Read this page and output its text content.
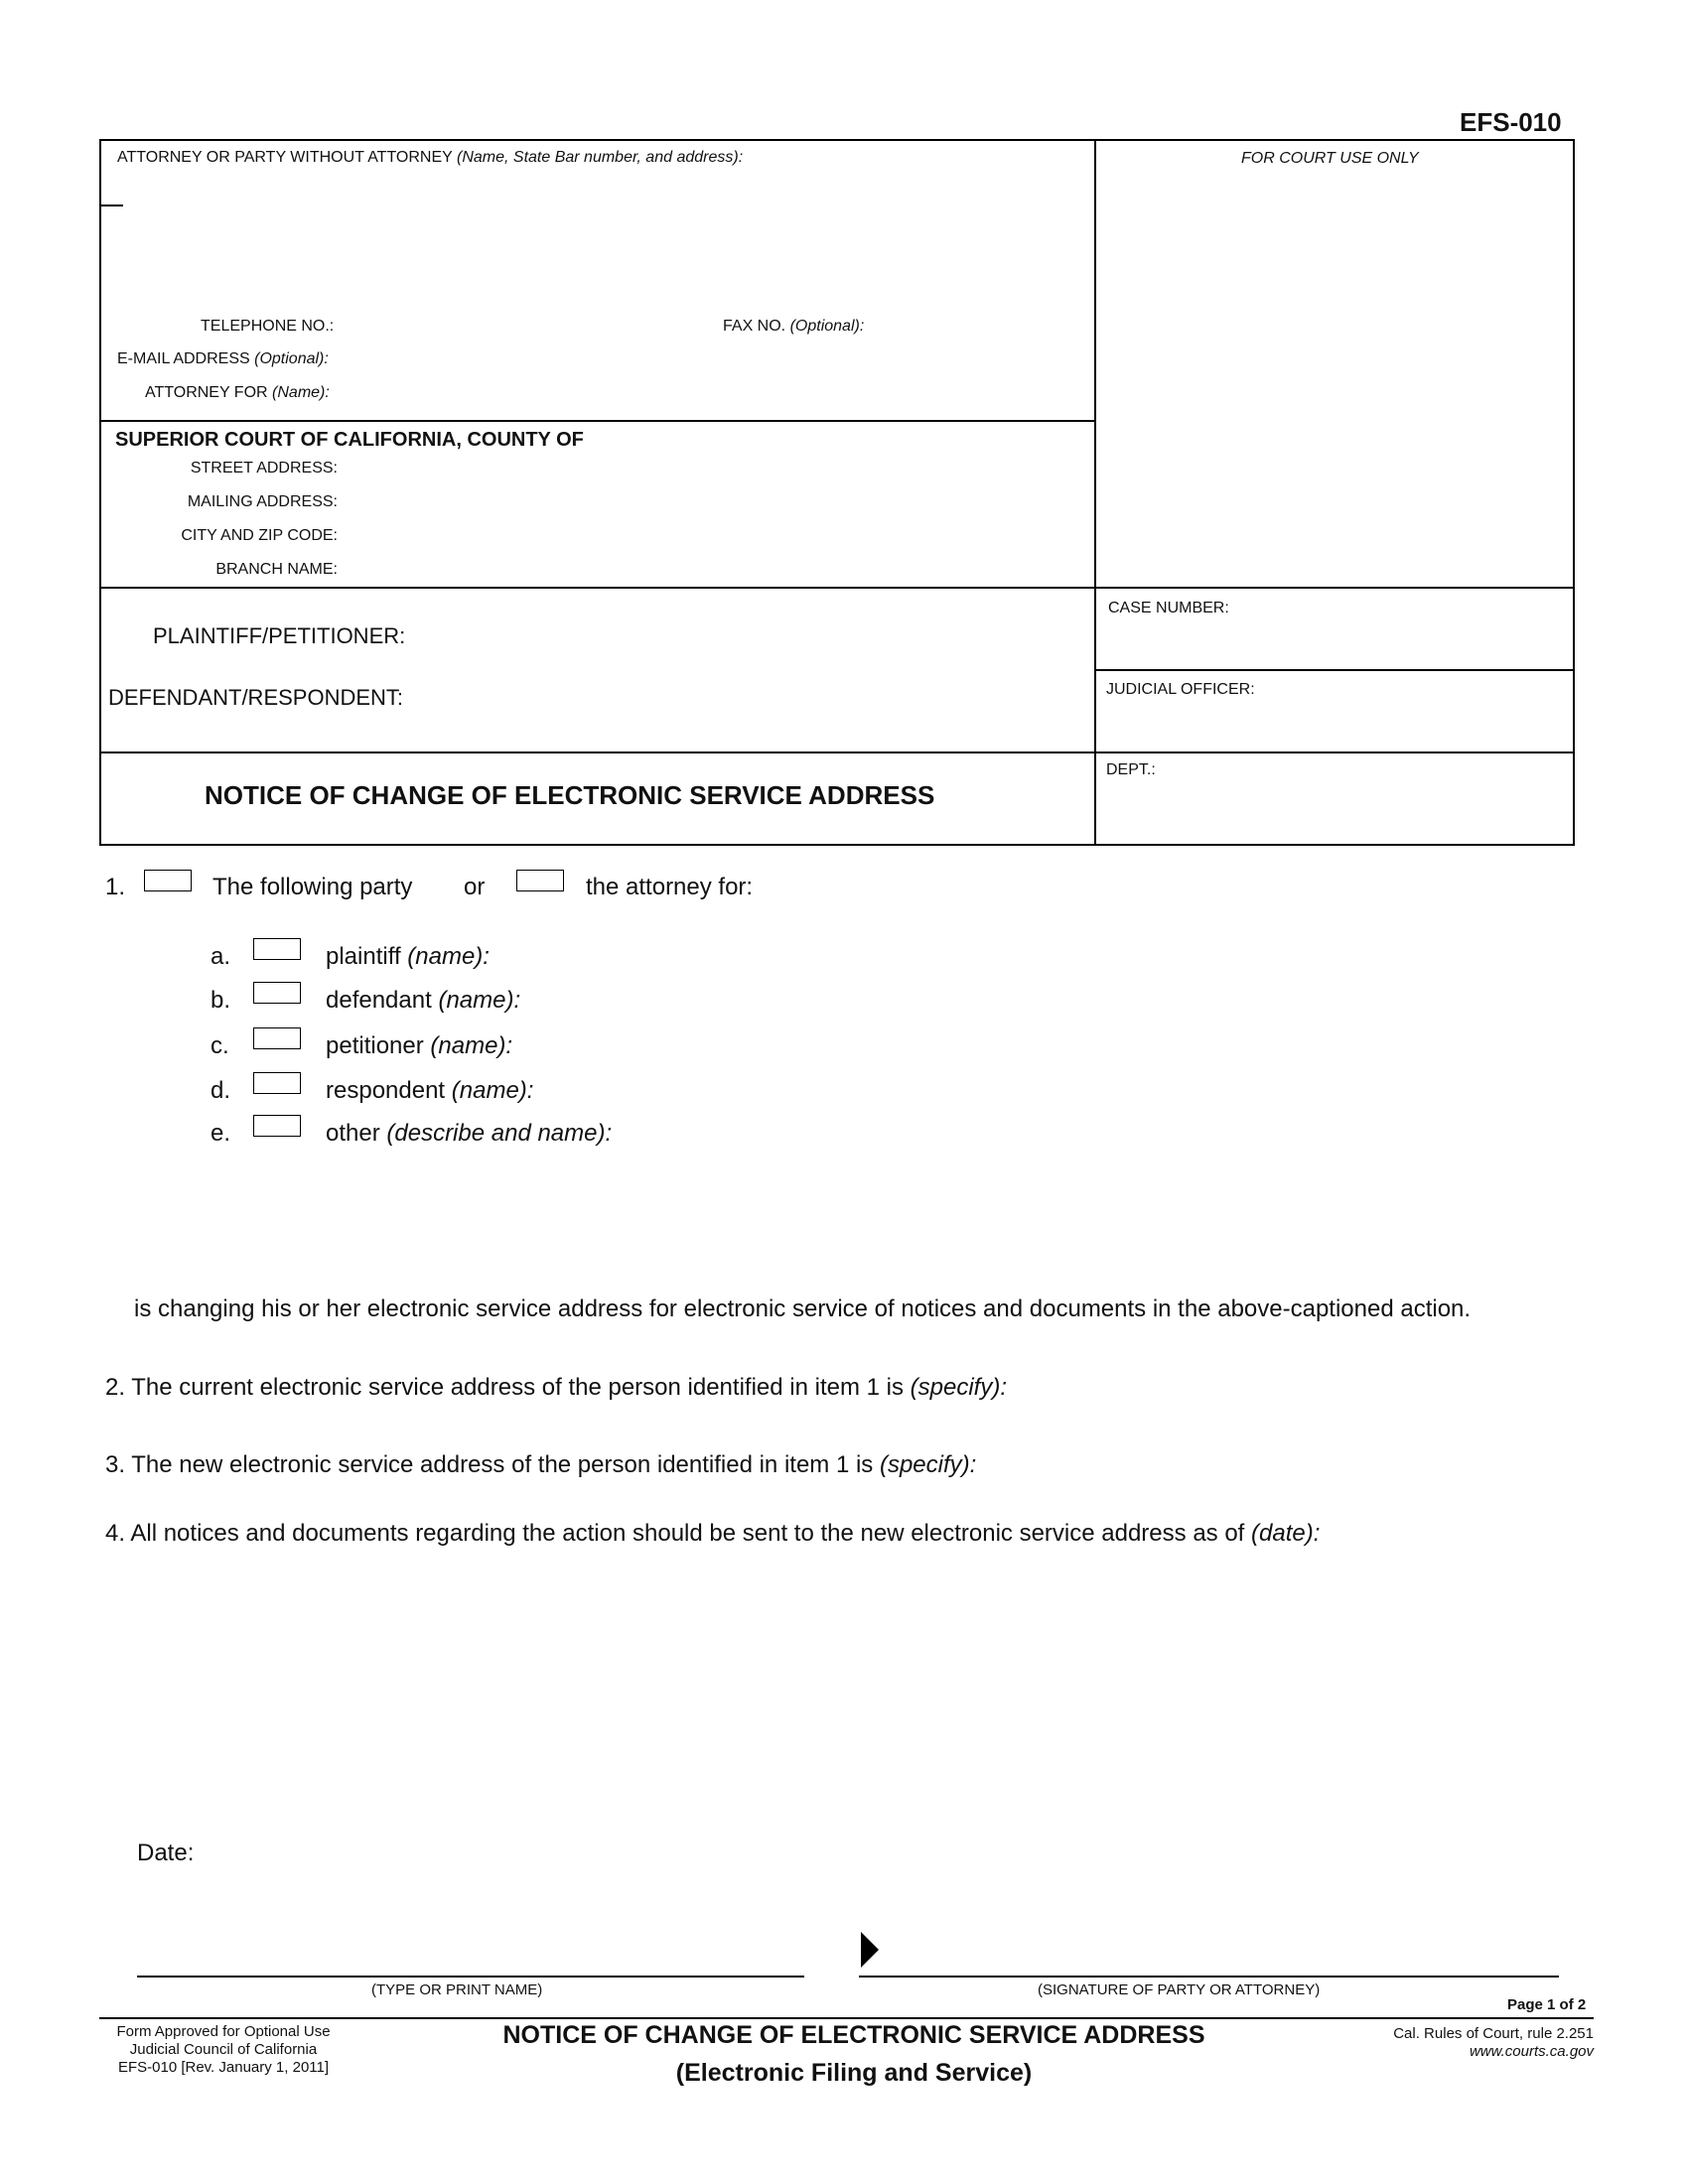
EFS-010
ATTORNEY OR PARTY WITHOUT ATTORNEY (Name, State Bar number, and address):	FOR COURT USE ONLY
TELEPHONE NO.:	FAX NO. (Optional):
E-MAIL ADDRESS (Optional):
ATTORNEY FOR (Name):
SUPERIOR COURT OF CALIFORNIA, COUNTY OF
STREET ADDRESS:
MAILING ADDRESS:
CITY AND ZIP CODE:
BRANCH NAME:
PLAINTIFF/PETITIONER:
DEFENDANT/RESPONDENT:
CASE NUMBER:
JUDICIAL OFFICER:
DEPT.:
NOTICE OF CHANGE OF ELECTRONIC SERVICE ADDRESS
1.	The following party or	the attorney for:
a.	plaintiff (name):
b.	defendant (name):
c.	petitioner (name):
d.	respondent (name):
e.	other (describe and name):
is changing his or her electronic service address for electronic service of notices and documents in the above-captioned action.
2. The current electronic service address of the person identified in item 1 is (specify):
3. The new electronic service address of the person identified in item 1 is (specify):
4. All notices and documents regarding the action should be sent to the new electronic service address as of (date):
Date:
(TYPE OR PRINT NAME)	(SIGNATURE OF PARTY OR ATTORNEY)
Page 1 of 2
Form Approved for Optional Use
Judicial Council of California
EFS-010 [Rev. January 1, 2011]
NOTICE OF CHANGE OF ELECTRONIC SERVICE ADDRESS
(Electronic Filing and Service)
Cal. Rules of Court, rule 2.251
www.courts.ca.gov
